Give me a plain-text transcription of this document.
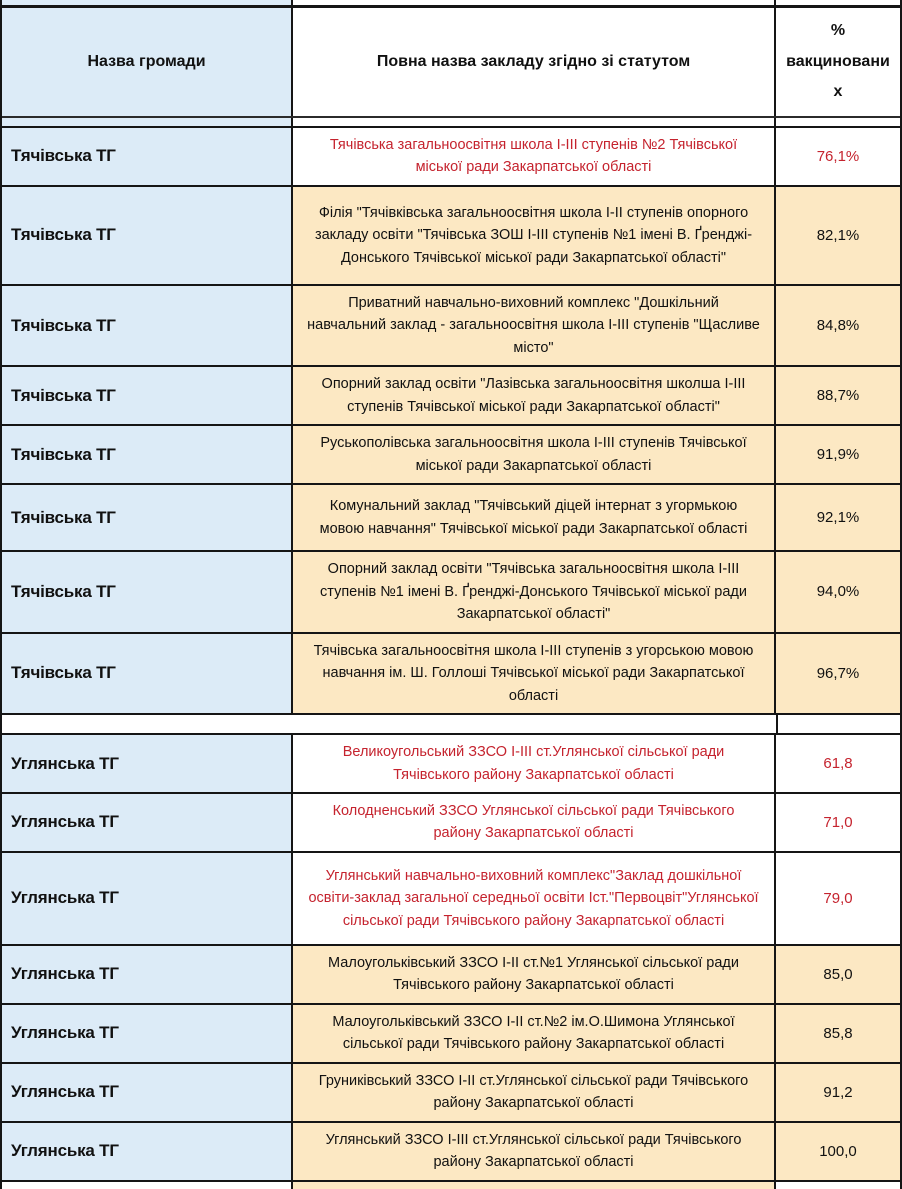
Назва громади	Повна назва закладу згідно зі статутом
% вакцинованих
Тячівська ТГ
Тячівська загальноосвітня школа І-ІІІ ступенів №2 Тячівської міської ради Закарпатської області
76,1%
Тячівська ТГ
Філія "Тячівківська загальноосвітня школа І-ІІ ступенів опорного закладу освіти "Тячівська ЗОШ І-ІІІ ступенів №1 імені В. Ґренджі-Донського Тячівської міської ради Закарпатської області"
82,1%
Тячівська ТГ
Приватний навчально-виховний комплекс "Дошкільний навчальний заклад - загальноосвітня школа І-ІІІ ступенів "Щасливе місто"
84,8%
Тячівська ТГ
Опорний заклад освіти "Лазівська загальноосвітня школша І-ІІІ ступенів Тячівської міської ради Закарпатської області"
88,7%
Тячівська ТГ
Руськополівська загальноосвітня школа І-ІІІ ступенів Тячівської міської ради Закарпатської області
91,9%
Тячівська ТГ
Комунальний заклад "Тячівський діцей інтернат з угормькою мовою навчання" Тячівської міської ради Закарпатської області
92,1%
Тячівська ТГ
Опорний заклад освіти "Тячівська загальноосвітня школа І-ІІІ ступенів №1 імені В. Ґренджі-Донського Тячівської міської ради Закарпатської області"
94,0%
Тячівська ТГ
Тячівська загальноосвітня школа І-ІІІ ступенів з угорською мовою навчання ім. Ш. Голлоші Тячівської міської ради Закарпатської області
96,7%
Углянська ТГ
Великоугольський ЗЗСО І-ІІІ ст.Углянської сільської ради Тячівського району Закарпатської області
61,8
Углянська ТГ
Колодненський ЗЗСО Углянської сільської ради Тячівського району Закарпатської області
71,0
Углянська ТГ
Углянський навчально-виховний комплекс"Заклад дошкільної освіти-заклад загальної середньої освіти Іст."Первоцвіт"Углянської сільської ради Тячівського району Закарпатської області
79,0
Углянська ТГ
Малоугольківський ЗЗСО І-ІІ ст.№1 Углянської сільської ради Тячівського району Закарпатської області
85,0
Углянська ТГ
Малоугольківський ЗЗСО І-ІІ ст.№2 ім.О.Шимона Углянської сільської ради Тячівського району Закарпатської області
85,8
Углянська ТГ
Груниківський ЗЗСО І-ІІ ст.Углянської сільської ради Тячівського району Закарпатської області
91,2
Углянська ТГ
Углянський ЗЗСО І-ІІІ ст.Углянської сільської ради Тячівського району Закарпатської області
100,0
